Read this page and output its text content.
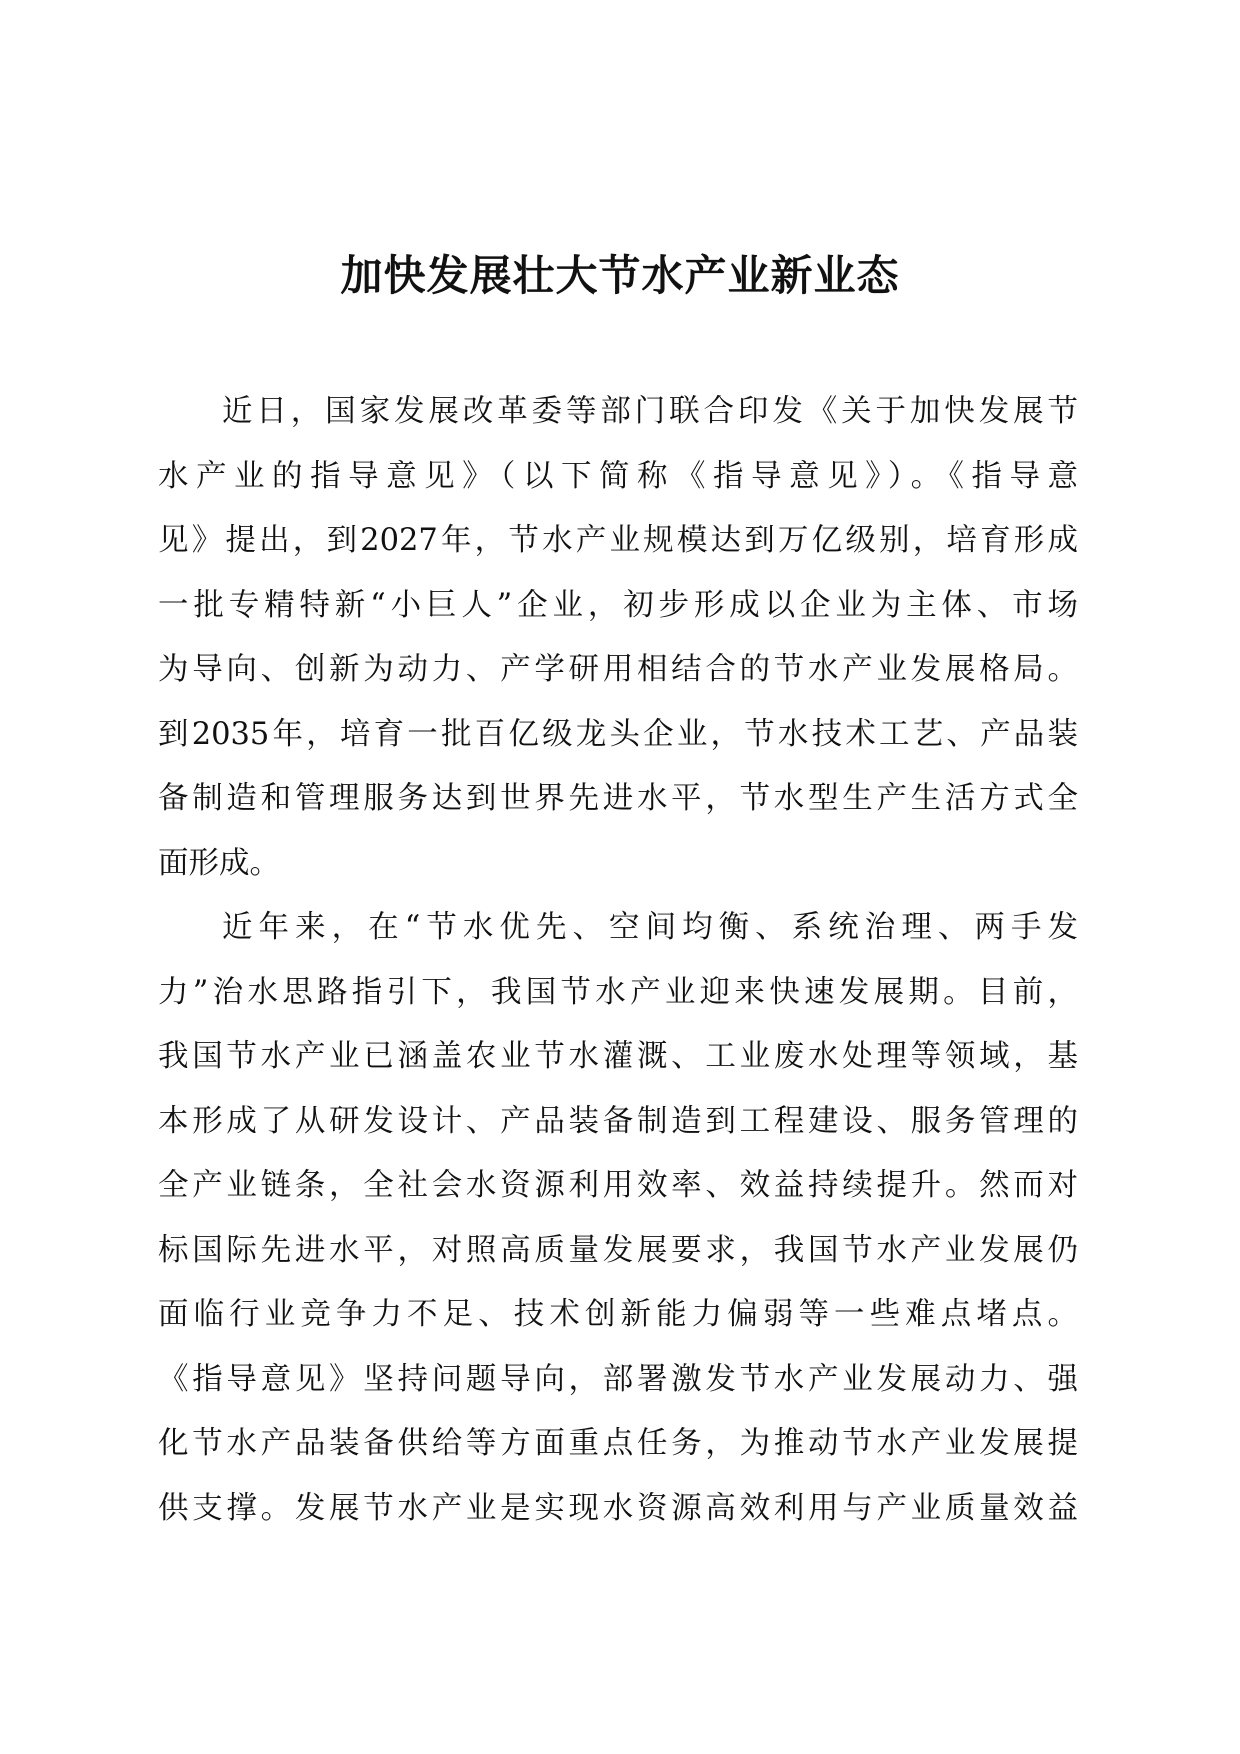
加快发展壮大节水产业新业态
近日，国家发展改革委等部门联合印发《关于加快发展节
水产业的指导意见》（以下简称《指导意见》）。《指导意
见》提出，到2027年，节水产业规模达到万亿级别，培育形成
一批专精特新“小巨人”企业，初步形成以企业为主体、市场
为导向、创新为动力、产学研用相结合的节水产业发展格局。
到2035年，培育一批百亿级龙头企业，节水技术工艺、产品装
备制造和管理服务达到世界先进水平，节水型生产生活方式全
面形成。
近年来，在“节水优先、空间均衡、系统治理、两手发
力”治水思路指引下，我国节水产业迎来快速发展期。目前，
我国节水产业已涵盖农业节水灌溉、工业废水处理等领域，基
本形成了从研发设计、产品装备制造到工程建设、服务管理的
全产业链条，全社会水资源利用效率、效益持续提升。然而对
标国际先进水平，对照高质量发展要求，我国节水产业发展仍
面临行业竞争力不足、技术创新能力偏弱等一些难点堵点。
《指导意见》坚持问题导向，部署激发节水产业发展动力、强
化节水产品装备供给等方面重点任务，为推动节水产业发展提
供支撑。发展节水产业是实现水资源高效利用与产业质量效益
